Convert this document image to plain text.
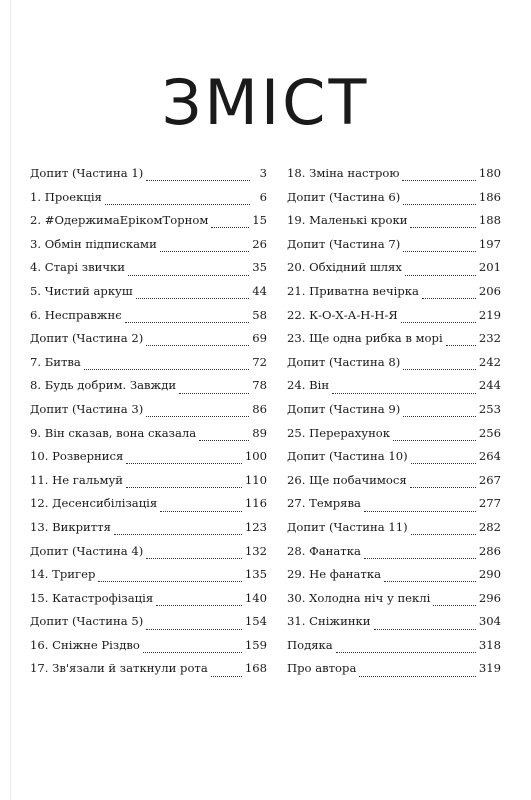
ЗМІСТ
Допит (Частина 1)	3
1. Проекція	6
2. #ОдержимаЕрікомТорном	15
3. Обмін підписками	26
4. Старі звички	35
5. Чистий аркуш	44
6. Несправжнє	58
Допит (Частина 2)	69
7. Битва	72
8. Будь добрим. Завжди	78
Допит (Частина 3)	86
9. Він сказав, вона сказала	89
10. Розвернися	100
11. Не гальмуй	110
12. Десенсибілізація	116
13. Викриття	123
Допит (Частина 4)	132
14. Тригер	135
15. Катастрофізація	140
Допит (Частина 5)	154
16. Сніжне Різдво	159
17. Зв'язали й заткнули рота	168
18. Зміна настрою	180
Допит (Частина 6)	186
19. Маленькі кроки	188
Допит (Частина 7)	197
20. Обхідний шлях	201
21. Приватна вечірка	206
22. К-О-Х-А-Н-Н-Я	219
23. Ще одна рибка в морі	232
Допит (Частина 8)	242
24. Він	244
Допит (Частина 9)	253
25. Перерахунок	256
Допит (Частина 10)	264
26. Ще побачимося	267
27. Темрява	277
Допит (Частина 11)	282
28. Фанатка	286
29. Не фанатка	290
30. Холодна ніч у пеклі	296
31. Сніжинки	304
Подяка	318
Про автора	319
